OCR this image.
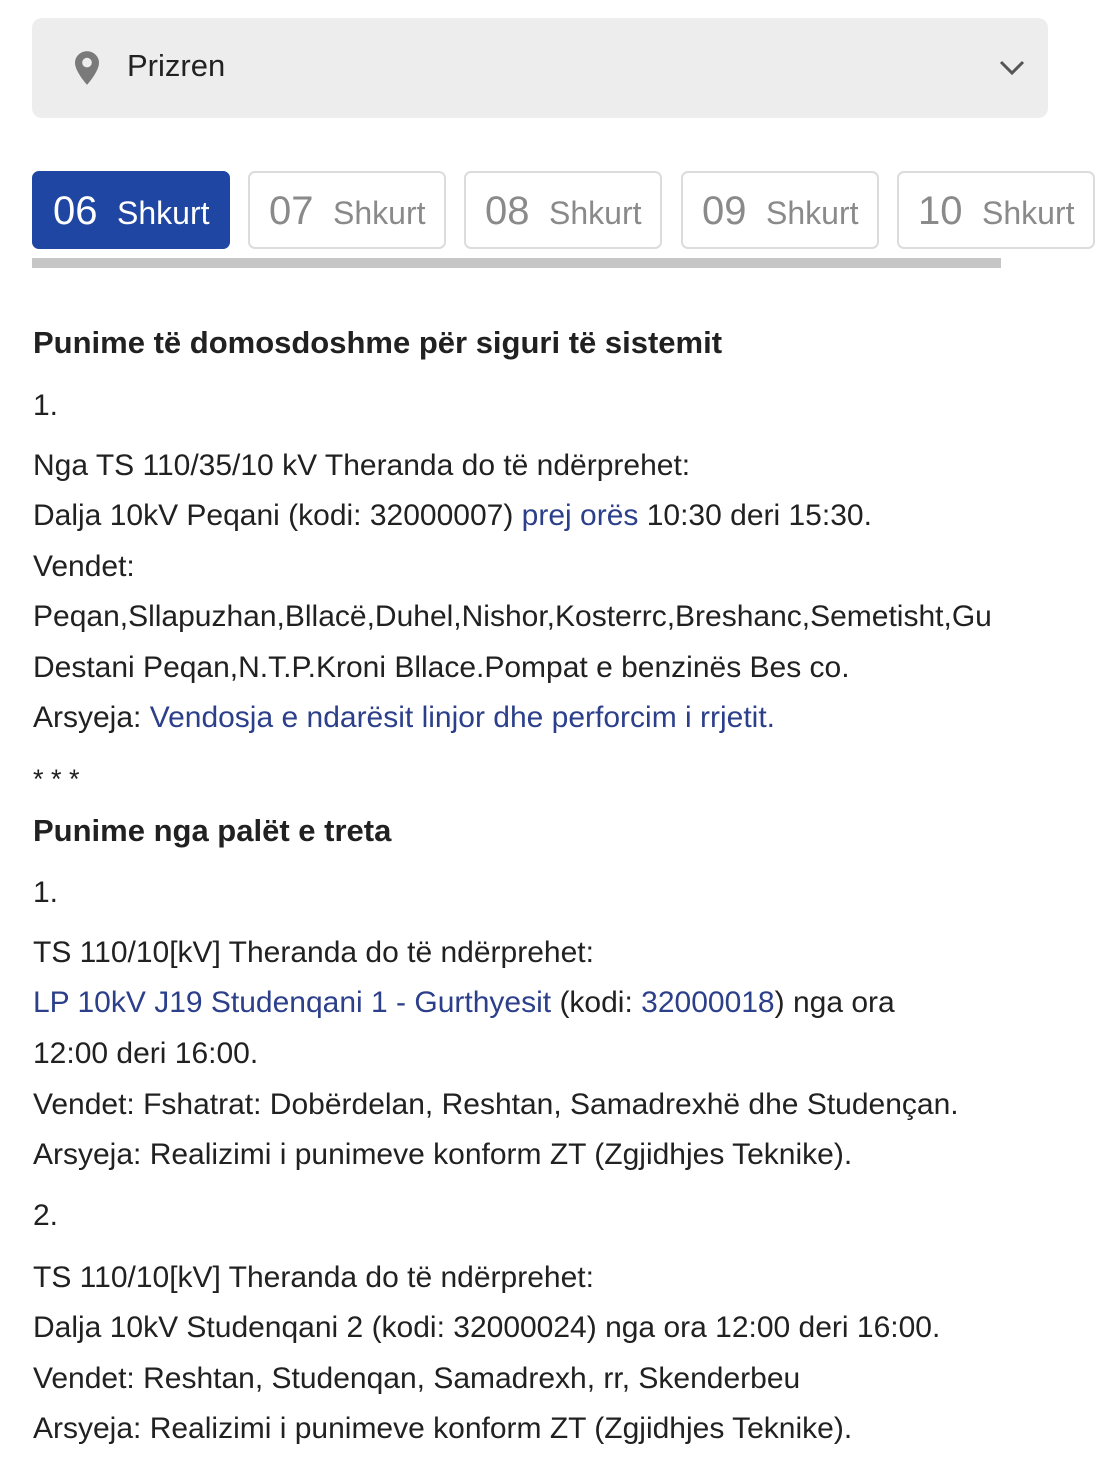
Prizren
06 Shkurt 07 Shkurt 08 Shkurt 09 Shkurt 10 Shkurt
Punime të domosdoshme për siguri të sistemit
1.
Nga TS 110/35/10 kV Theranda do të ndërprehet:
Dalja 10kV Peqani (kodi: 32000007) prej orës 10:30 deri 15:30.
Vendet:
Peqan,Sllapuzhan,Bllacë,Duhel,Nishor,Kosterrc,Breshanc,Semetisht,Gu
Destani Peqan,N.T.P.Kroni Bllace.Pompat e benzinës Bes co.
Arsyeja: Vendosja e ndarësit linjor dhe perforcim i rrjetit.
* * *
Punime nga palët e treta
1.
TS 110/10[kV] Theranda do të ndërprehet:
LP 10kV J19 Studenqani 1 - Gurthyesit (kodi: 32000018) nga ora
12:00 deri 16:00.
Vendet: Fshatrat: Dobërdelan, Reshtan, Samadrexhë dhe Studençan.
Arsyeja: Realizimi i punimeve konform ZT (Zgjidhjes Teknike).
2.
TS 110/10[kV] Theranda do të ndërprehet:
Dalja 10kV Studenqani 2 (kodi: 32000024) nga ora 12:00 deri 16:00.
Vendet: Reshtan, Studenqan, Samadrexh, rr, Skenderbeu
Arsyeja: Realizimi i punimeve konform ZT (Zgjidhjes Teknike).
